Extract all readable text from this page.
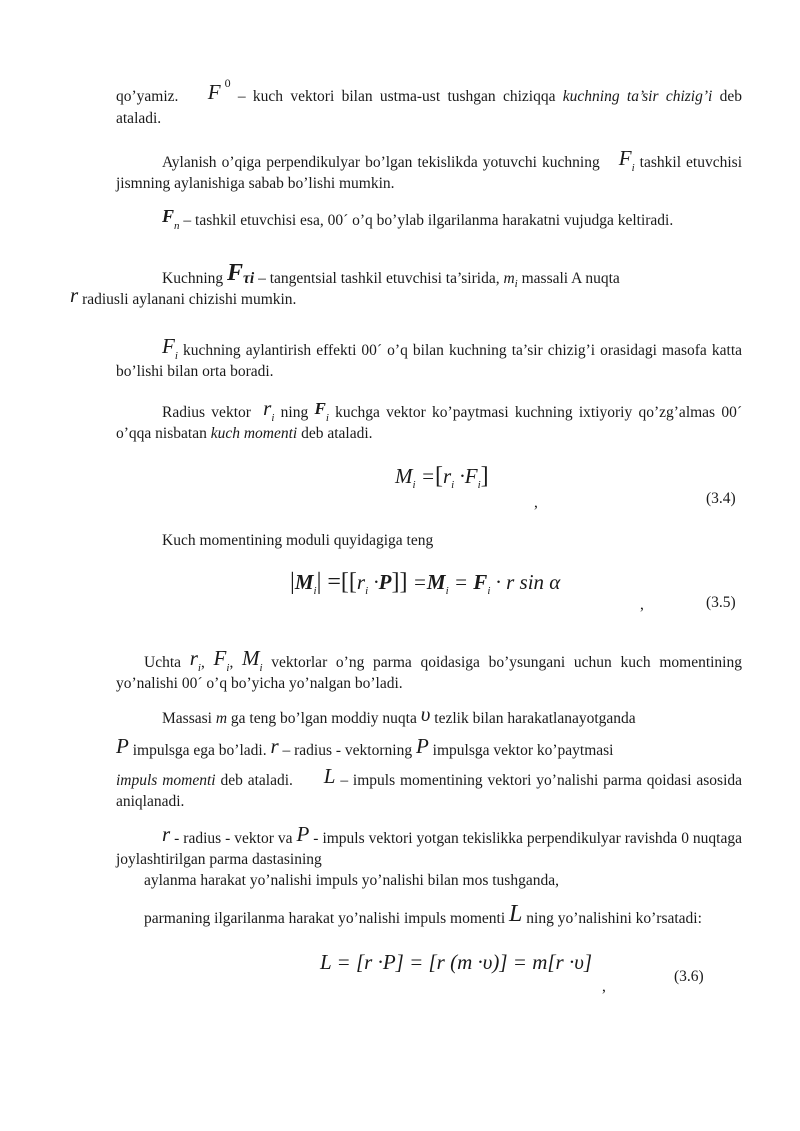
qo’yamiz. F $^0$ – kuch vektori bilan ustma-ust tushgan chiziqqa kuchning ta’sir chizig’i deb ataladi.

Aylanish o’qiga perpendikulyar bo’lgan tekislikda yotuvchi kuchning $F_i$ tashkil etuvchisi jismning aylanishiga sabab bo’lishi mumkin.

$F_n$ – tashkil etuvchisi esa, 00´ o’q bo’ylab ilgarilanma harakatni vujudga keltiradi.

Kuchning Fτi – tangentsial tashkil etuvchisi ta’sirida, $m_i$ massali A nuqta
r radiusli aylanani chizishi mumkin.

$F_i$ kuchning aylantirish effekti 00´ o’q bilan kuchning ta’sir chizig’i orasidagi masofa katta bo’lishi bilan orta boradi.

Radius vektor $r_i$ ning $F_i$ kuchga vektor ko’paytmasi kuchning ixtiyoriy qo’zg’almas 00´ o’qqa nisbatan kuch momenti deb ataladi.

$M_i =[r_i \cdot F_i]$
,	(3.4)

Kuch momentining moduli quyidagiga teng

$|M_i| =[[r_i \cdot P]] =M_i = F_i \cdot r$ sin α
,	(3.5)

Uchta $r_i$, $F_i$, $M_i$ vektorlar o’ng parma qoidasiga bo’ysungani uchun kuch momentining yo’nalishi 00´ o’q bo’yicha yo’nalgan bo’ladi.

Massasi m ga teng bo’lgan moddiy nuqta υ tezlik bilan harakatlanayotganda

P impulsga ega bo’ladi. r – radius - vektorning P impulsga vektor ko’paytmasi

impuls momenti deb ataladi. L – impuls momentining vektori yo’nalishi parma qoidasi asosida aniqlanadi.

r - radius - vektor va P - impuls vektori yotgan tekislikka perpendikulyar ravishda 0 nuqtaga joylashtirilgan parma dastasining

aylanma harakat yo’nalishi impuls yo’nalishi bilan mos tushganda,

parmaning ilgarilanma harakat yo’nalishi impuls momenti L ning yo’nalishini ko’rsatadi:

L = [r ·P] = [r (m ·υ)] = m[r ·υ]
,
(3.6)
